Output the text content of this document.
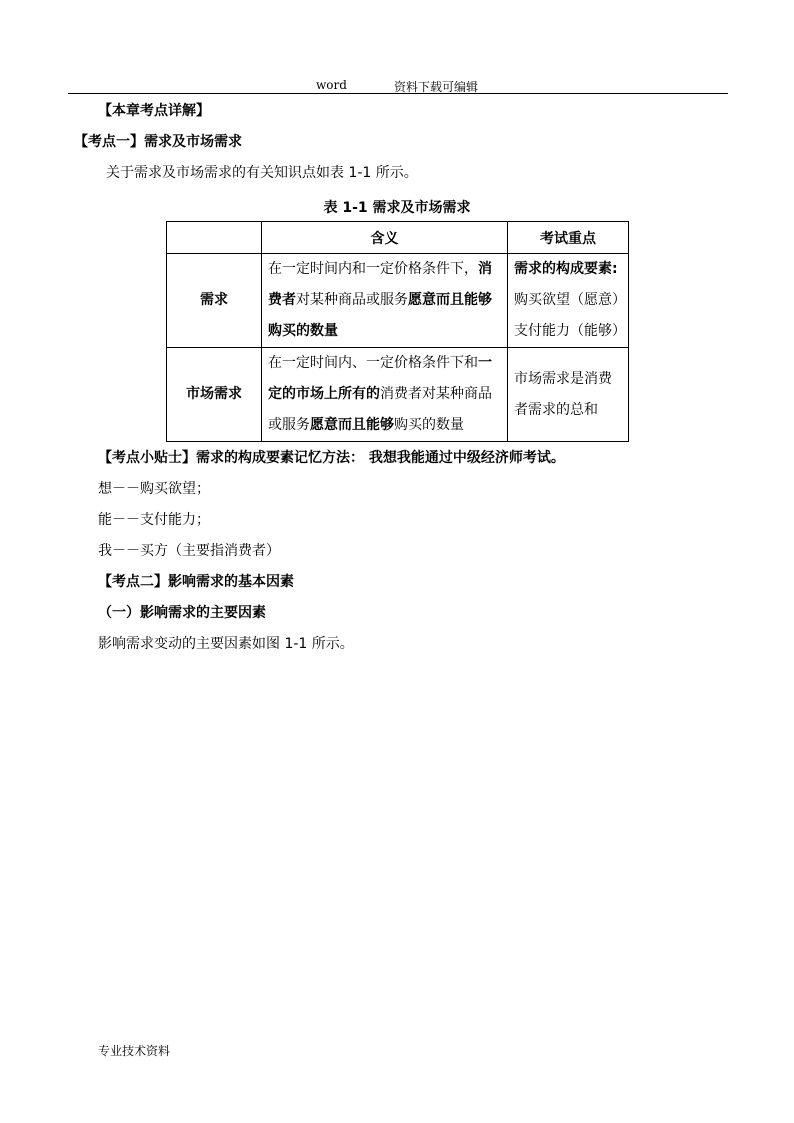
word	资料下载可编辑
【本章考点详解】
【考点一】需求及市场需求
关于需求及市场需求的有关知识点如表 1-1 所示。
表 1-1 需求及市场需求
	含义	考试重点
需求	在一定时间内和一定价格条件下，消费者对某种商品或服务愿意而且能够购买的数量	需求的构成要素:购买欲望（愿意）支付能力（能够）
市场需求	在一定时间内、一定价格条件下和一定的市场上所有的消费者对某种商品或服务愿意而且能够购买的数量	市场需求是消费者需求的总和
【考点小贴士】需求的构成要素记忆方法： 我想我能通过中级经济师考试。
想－－购买欲望；
能－－支付能力；
我－－买方（主要指消费者）
【考点二】影响需求的基本因素
（一）影响需求的主要因素
影响需求变动的主要因素如图 1-1 所示。
专业技术资料
